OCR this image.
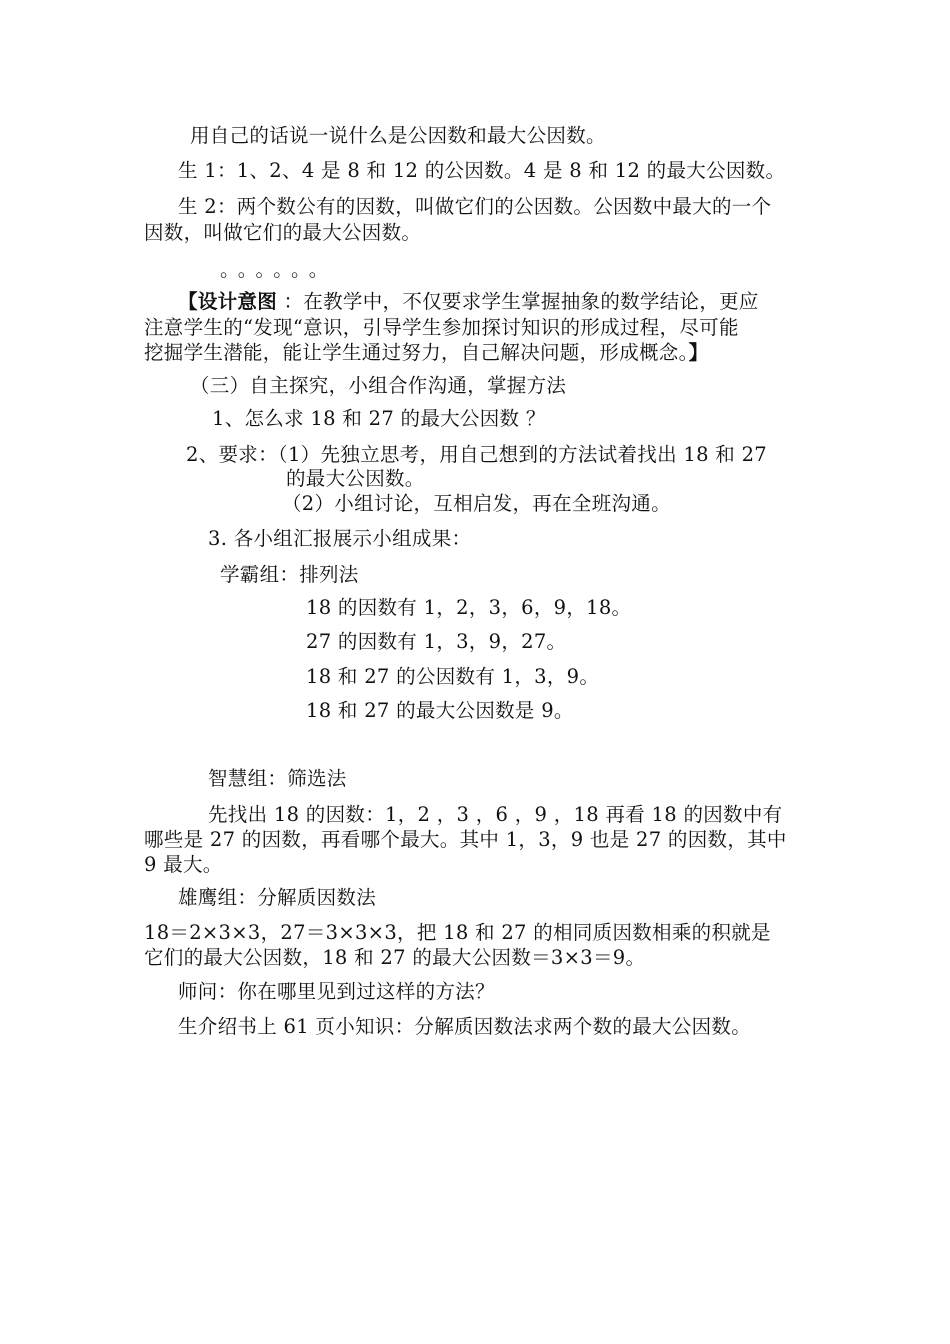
用自己的话说一说什么是公因数和最大公因数。
生 1：1、2、4 是 8 和 12 的公因数。4 是 8 和 12 的最大公因数。
生 2：两个数公有的因数，叫做它们的公因数。公因数中最大的一个
因数，叫做它们的最大公因数。
。。。。。。
【设计意图 ：在教学中，不仅要求学生掌握抽象的数学结论，更应
注意学生的“发现“意识，引导学生参加探讨知识的形成过程，尽可能
挖掘学生潜能，能让学生通过努力，自己解决问题，形成概念。】
（三）自主探究，小组合作沟通，掌握方法
1、怎么求 18 和 27 的最大公因数 ？
2、要求：（1）先独立思考，用自己想到的方法试着找出 18 和 27
的最大公因数。
（2）小组讨论，互相启发，再在全班沟通。
3. 各小组汇报展示小组成果：
学霸组：排列法
18 的因数有 1，2，3，6，9，18。
27 的因数有 1，3，9，27。
18 和 27 的公因数有 1，3，9。
18 和 27 的最大公因数是 9。
智慧组：筛选法
先找出 18 的因数：1，2 ，3 ，6 ，9 ，18 再看 18 的因数中有
哪些是 27 的因数，再看哪个最大。其中 1，3，9 也是 27 的因数，其中
9 最大。
雄鹰组：分解质因数法
18＝2×3×3，27＝3×3×3，把 18 和 27 的相同质因数相乘的积就是
它们的最大公因数，18 和 27 的最大公因数＝3×3＝9。
师问：你在哪里见到过这样的方法？
生介绍书上 61 页小知识：分解质因数法求两个数的最大公因数。
